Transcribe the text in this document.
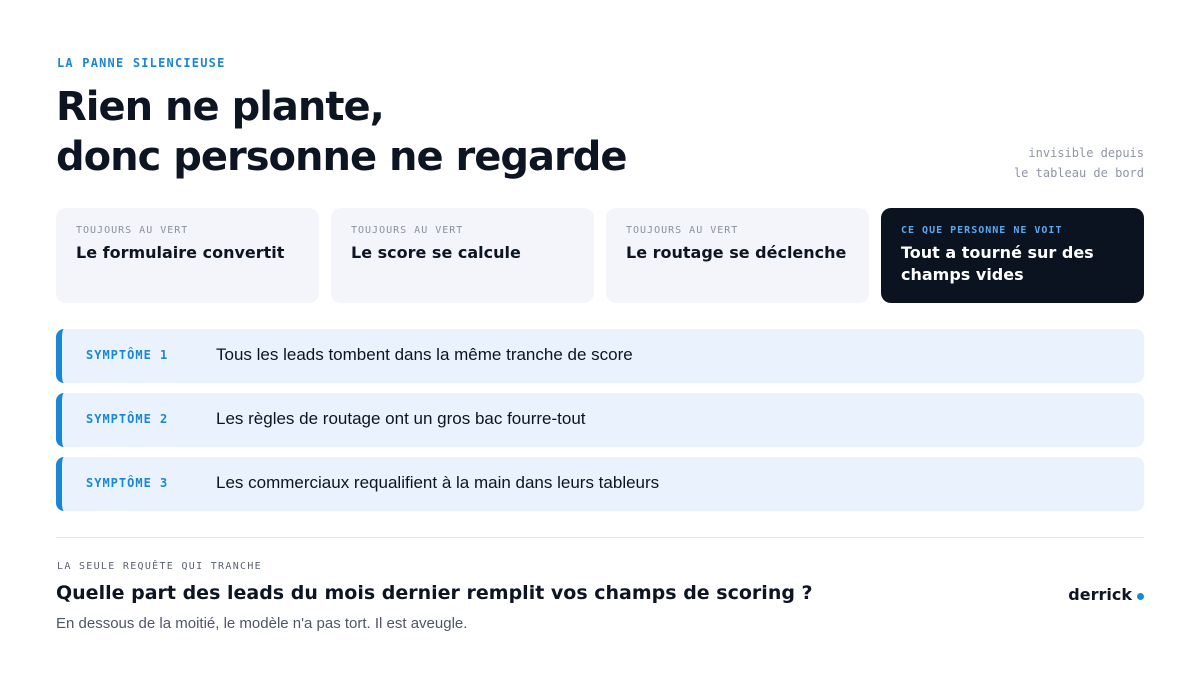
LA PANNE SILENCIEUSE
Rien ne plante,
donc personne ne regarde	invisible depuis
le tableau de bord
TOUJOURS AU VERT
Le formulaire convertit
TOUJOURS AU VERT
Le score se calcule
TOUJOURS AU VERT
Le routage se déclenche
CE QUE PERSONNE NE VOIT
Tout a tourné sur des champs vides
SYMPTÔME 1	Tous les leads tombent dans la même tranche de score
SYMPTÔME 2	Les règles de routage ont un gros bac fourre-tout
SYMPTÔME 3	Les commerciaux requalifient à la main dans leurs tableurs
LA SEULE REQUÊTE QUI TRANCHE
Quelle part des leads du mois dernier remplit vos champs de scoring ?
En dessous de la moitié, le modèle n'a pas tort. Il est aveugle.
derrick
